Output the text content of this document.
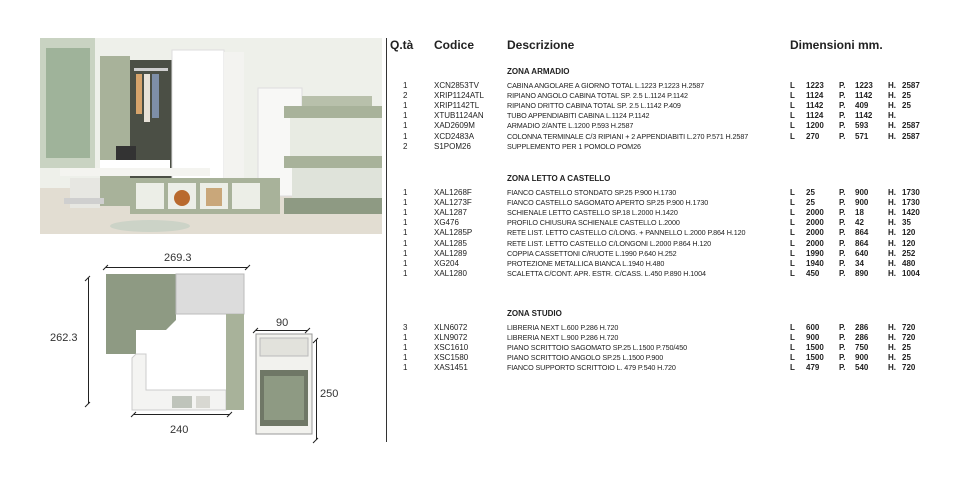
269.3
262.3
240
90
250
Q.tà Codice	Descrizione	Dimensioni mm.
ZONA ARMADIO
1	XCN2853TV	CABINA ANGOLARE A GIORNO TOTAL L.1223 P.1223 H.2587	L 1223 P. 1223 H. 2587
2	XRIP1124ATL	RIPIANO ANGOLO CABINA TOTAL SP. 2.5 L.1124 P.1142	L 1124 P. 1142 H. 25
1	XRIP1142TL	RIPIANO DRITTO CABINA TOTAL SP. 2.5 L.1142 P.409	L 1142 P. 409 H. 25
1	XTUB1124AN	TUBO APPENDIABITI CABINA L.1124 P.1142	L 1124 P. 1142 H.
1	XAD2609M	ARMADIO 2/ANTE L.1200 P.593 H.2587	L 1200 P. 593 H. 2587
1	XCD2483A	COLONNA TERMINALE C/3 RIPIANI + 2 APPENDIABITI L.270 P.571 H.2587	L 270 P. 571 H. 2587
2	S1POM26	SUPPLEMENTO PER 1 POMOLO POM26
ZONA LETTO A CASTELLO
1	XAL1268F	FIANCO CASTELLO STONDATO SP.25 P.900 H.1730	L 25	P. 900 H. 1730
1	XAL1273F	FIANCO CASTELLO SAGOMATO APERTO SP.25 P.900 H.1730	L 25	P. 900 H. 1730
1	XAL1287	SCHIENALE LETTO CASTELLO SP.18 L.2000 H.1420	L 2000 P. 18	H. 1420
1	XG476	PROFILO CHIUSURA SCHIENALE CASTELLO L.2000	L 2000 P. 42	H. 35
1	XAL1285P	RETE LIST. LETTO CASTELLO C/LONG. + PANNELLO L.2000 P.864 H.120	L 2000 P. 864 H. 120
1	XAL1285	RETE LIST. LETTO CASTELLO C/LONGONI L.2000 P.864 H.120	L 2000 P. 864 H. 120
1	XAL1289	COPPIA CASSETTONI C/RUOTE L.1990 P.640 H.252	L 1990 P. 640 H. 252
1	XG204	PROTEZIONE METALLICA BIANCA L.1940 H.480	L 1940 P. 34	H. 480
1	XAL1280	SCALETTA C/CONT. APR. ESTR. C/CASS. L.450 P.890 H.1004	L 450 P. 890 H. 1004
ZONA STUDIO
3	XLN6072	LIBRERIA NEXT L.600 P.286 H.720	L 600 P. 286 H. 720
1	XLN9072	LIBRERIA NEXT L.900 P.286 H.720	L 900 P. 286 H. 720
1	XSC1610	PIANO SCRITTOIO SAGOMATO SP.25 L.1500 P.750/450	L 1500 P. 750 H. 25
1	XSC1580	PIANO SCRITTOIO ANGOLO SP.25 L.1500 P.900	L 1500 P. 900 H. 25
1	XAS1451	FIANCO SUPPORTO SCRITTOIO L. 479 P.540 H.720	L 479 P. 540 H. 720
